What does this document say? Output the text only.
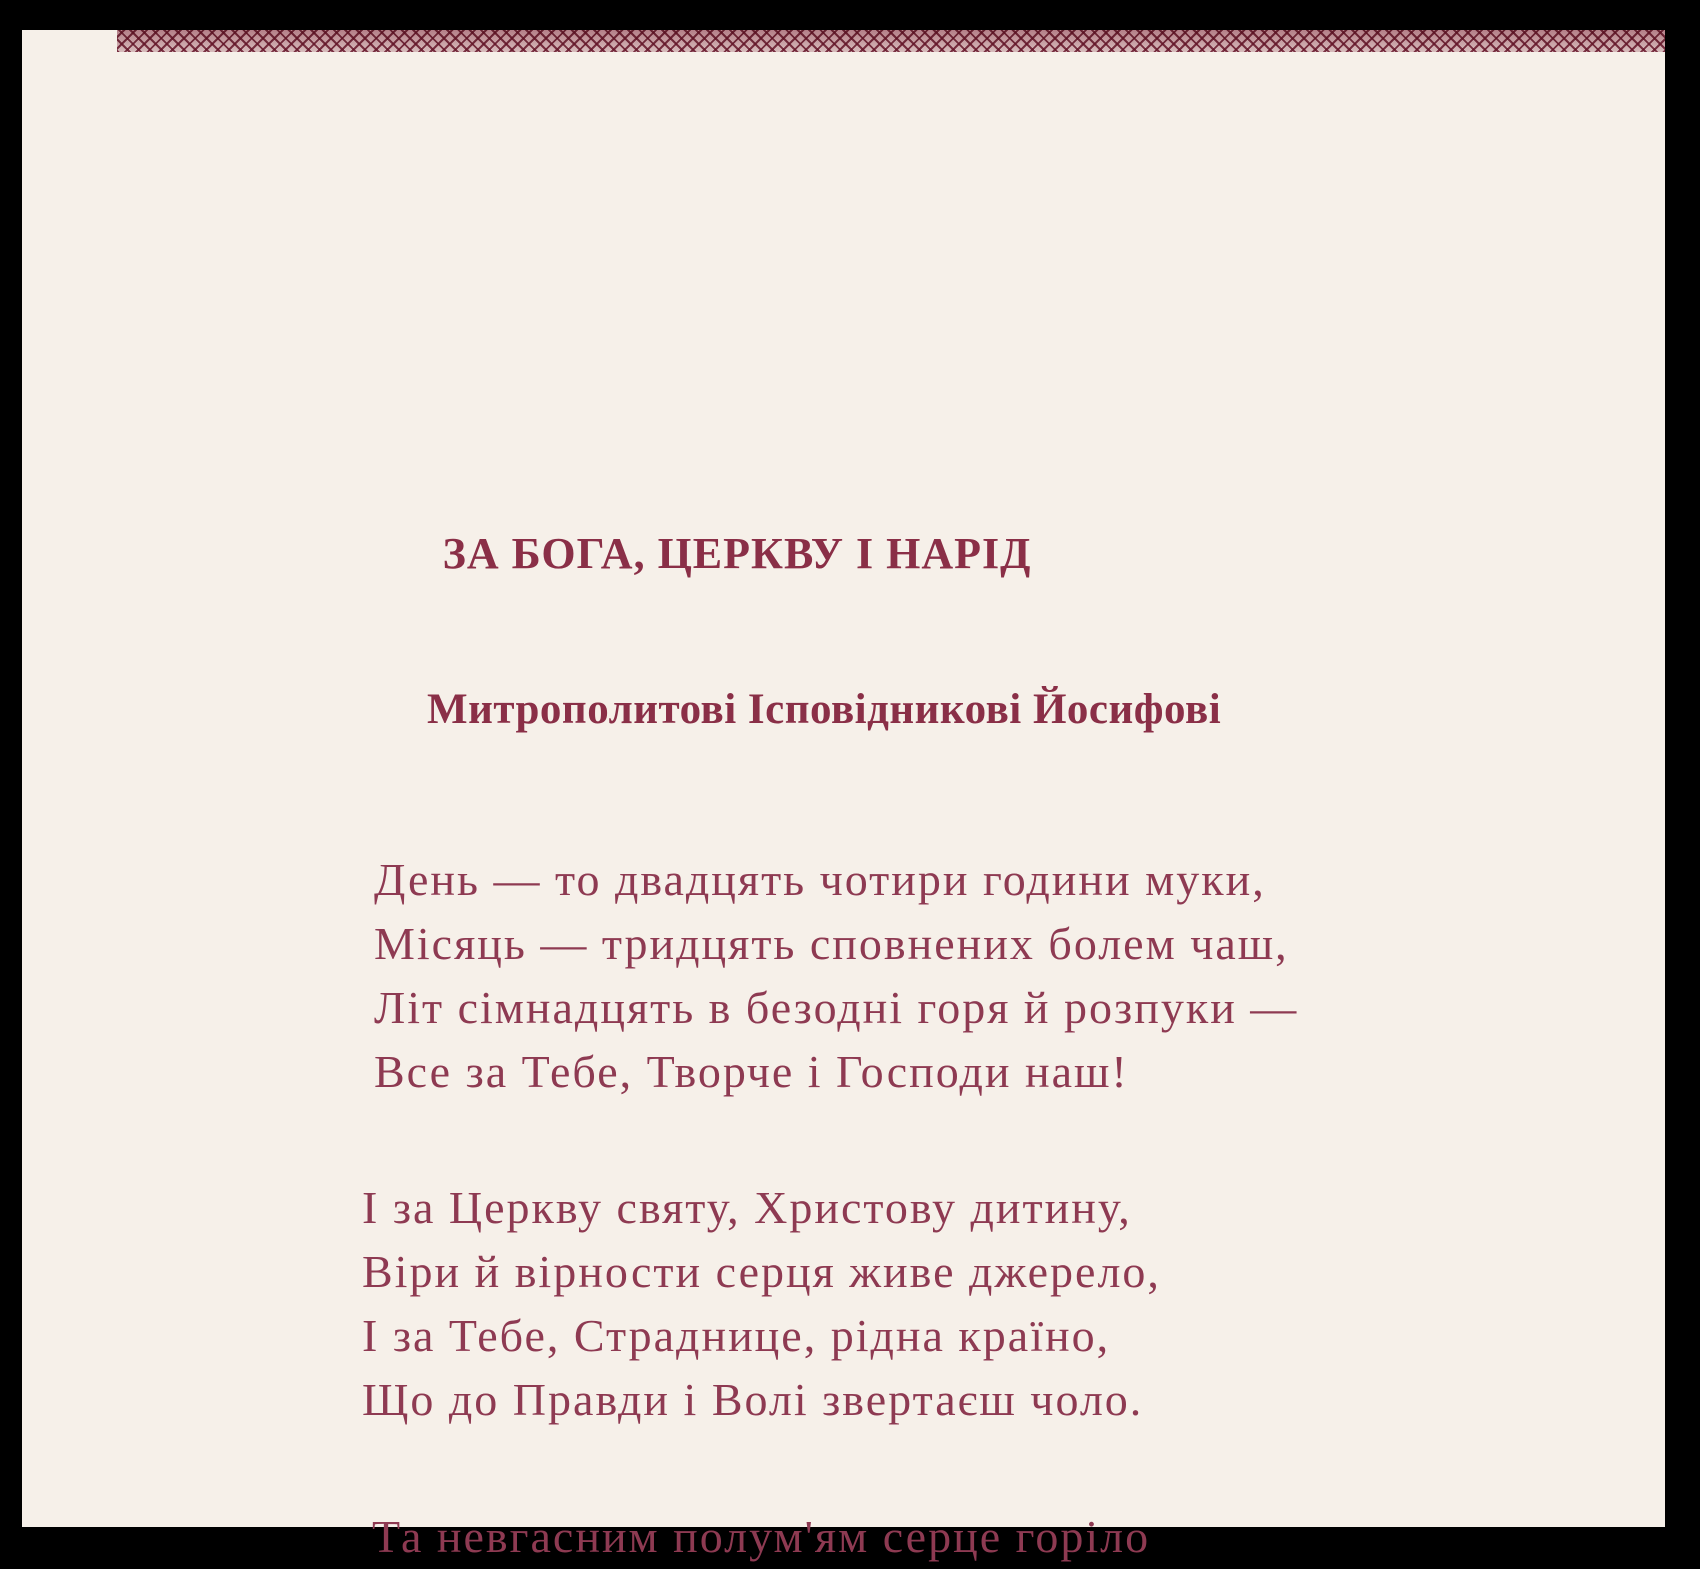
ЗА БОГА, ЦЕРКВУ І НАРІД
Митрополитові Ісповідникові Йосифові
День — то двадцять чотири години муки,
Місяць — тридцять сповнених болем чаш,
Літ сімнадцять в безодні горя й розпуки —
Все за Тебе, Творче і Господи наш!
І за Церкву святу, Христову дитину,
Віри й вірности серця живе джерело,
І за Тебе, Страднице, рідна країно,
Що до Правди і Волі звертаєш чоло.
Та невгасним полум'ям серце горіло
